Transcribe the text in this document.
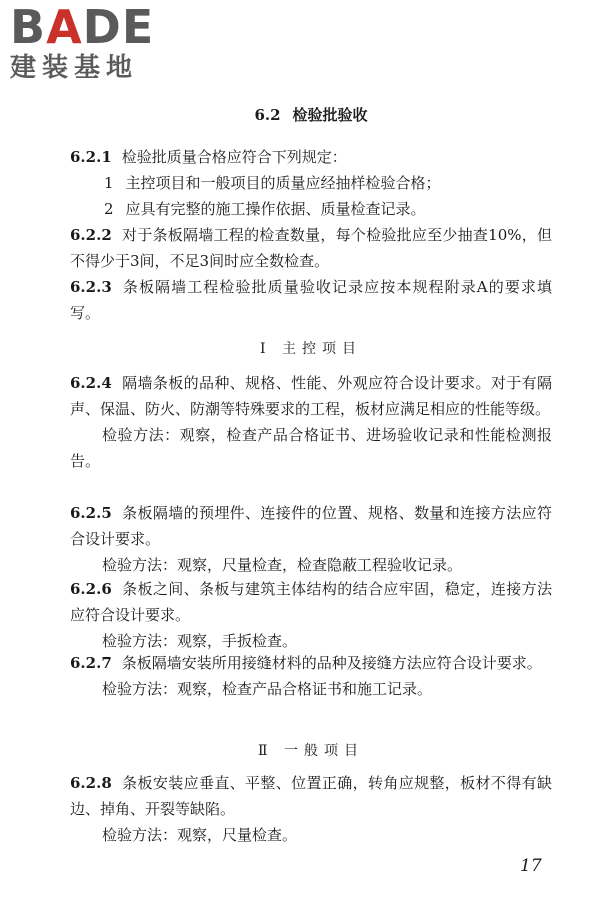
BADE
建装基地
6.2 检验批验收
6.2.1 检验批质量合格应符合下列规定：
1 主控项目和一般项目的质量应经抽样检验合格；
2 应具有完整的施工操作依据、质量检查记录。
6.2.2 对于条板隔墙工程的检查数量，每个检验批应至少抽查10%，但不得少于3间，不足3间时应全数检查。
6.2.3 条板隔墙工程检验批质量验收记录应按本规程附录A的要求填写。
Ⅰ 主控项目
6.2.4 隔墙条板的品种、规格、性能、外观应符合设计要求。对于有隔声、保温、防火、防潮等特殊要求的工程，板材应满足相应的性能等级。
检验方法：观察，检查产品合格证书、进场验收记录和性能检测报告。
6.2.5 条板隔墙的预埋件、连接件的位置、规格、数量和连接方法应符合设计要求。
检验方法：观察，尺量检查，检查隐蔽工程验收记录。
6.2.6 条板之间、条板与建筑主体结构的结合应牢固，稳定，连接方法应符合设计要求。
检验方法：观察，手扳检查。
6.2.7 条板隔墙安装所用接缝材料的品种及接缝方法应符合设计要求。
检验方法：观察，检查产品合格证书和施工记录。
Ⅱ 一般项目
6.2.8 条板安装应垂直、平整、位置正确，转角应规整，板材不得有缺边、掉角、开裂等缺陷。
检验方法：观察，尺量检查。
17
